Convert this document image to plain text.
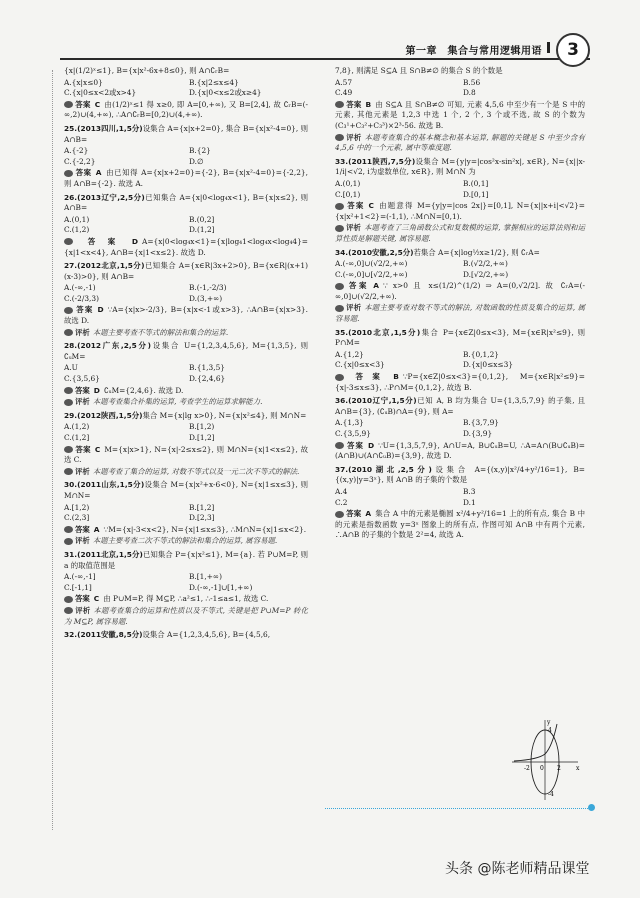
第一章　集合与常用逻辑用语	3
{x|(1/2)ˣ≤1}, B={x|x²-6x+8≤0}, 则 A∩∁ᵣB=
A.{x|x≤0}	B.{x|2≤x≤4}
C.{x|0≤x<2或x>4}	D.{x|0<x≤2或x≥4}
答案 C 由(1/2)ˣ≤1 得 x≥0, 即 A=[0,+∞), 又 B=[2,4], 故 ∁ᵣB=(-∞,2)∪(4,+∞), ∴A∩∁ᵣB=[0,2)∪(4,+∞).
25.(2013四川,1,5分)设集合 A={x|x+2=0}, 集合 B={x|x²-4=0}, 则 A∩B=
A.{-2}	B.{2}
C.{-2,2}	D.∅
答案 A 由已知得 A={x|x+2=0}={-2}, B={x|x²-4=0}={-2,2}, 则 A∩B={-2}. 故选 A.
26.(2013辽宁,2,5分)已知集合 A={x|0<log₄x<1}, B={x|x≤2}, 则 A∩B=
A.(0,1)	B.(0,2]
C.(1,2)	D.(1,2]
答案 D A={x|0<log₄x<1}={x|log₄1<log₄x<log₄4}={x|1<x<4}, A∩B={x|1<x≤2}. 故选 D.
27.(2012北京,1,5分)已知集合 A={x∈R|3x+2>0}, B={x∈R|(x+1)(x-3)>0}, 则 A∩B=
A.(-∞,-1)	B.(-1,-2/3)
C.(-2/3,3)	D.(3,+∞)
答案 D ∵A={x|x>-2/3}, B={x|x<-1或x>3}, ∴A∩B={x|x>3}. 故选 D.
评析 本题主要考查不等式的解法和集合的运算.
28.(2012广东,2,5分)设集合 U={1,2,3,4,5,6}, M={1,3,5}, 则 ∁ᵤM=
A.U	B.{1,3,5}
C.{3,5,6}	D.{2,4,6}
答案 D ∁ᵤM={2,4,6}. 故选 D.
评析 本题考查集合补集的运算, 考查学生的运算求解能力.
29.(2012陕西,1,5分)集合 M={x|lg x>0}, N={x|x²≤4}, 则 M∩N=
A.(1,2)	B.[1,2)
C.(1,2]	D.[1,2]
答案 C M={x|x>1}, N={x|-2≤x≤2}, 则 M∩N={x|1<x≤2}, 故选 C.
评析 本题考查了集合的运算, 对数不等式以及一元二次不等式的解法.
30.(2011山东,1,5分)设集合 M={x|x²+x-6<0}, N={x|1≤x≤3}, 则 M∩N=
A.[1,2)	B.[1,2]
C.(2,3]	D.[2,3]
答案 A ∵M={x|-3<x<2}, N={x|1≤x≤3}, ∴M∩N={x|1≤x<2}.
评析 本题主要考查二次不等式的解法和集合的运算, 属容易题.
31.(2011北京,1,5分)已知集合 P={x|x²≤1}, M={a}. 若 P∪M=P, 则 a 的取值范围是
A.(-∞,-1]	B.[1,+∞)
C.[-1,1]	D.(-∞,-1]∪[1,+∞)
答案 C 由 P∪M=P, 得 M⊆P, ∴a²≤1, ∴-1≤a≤1, 故选 C.
评析 本题考查集合的运算和性质以及不等式, 关键是把 P∪M=P 转化为 M⊆P, 属容易题.
32.(2011安徽,8,5分)设集合 A={1,2,3,4,5,6}, B={4,5,6,
7,8}, 则满足 S⊆A 且 S∩B≠∅ 的集合 S 的个数是
A.57	B.56
C.49	D.8
答案 B 由 S⊆A 且 S∩B≠∅ 可知, 元素 4,5,6 中至少有一个是 S 中的元素, 其他元素是 1,2,3 中选 1 个, 2 个, 3 个或不选, 故 S 的个数为 (C₃¹+C₃²+C₃³)×2³-56. 故选 B.
评析 本题考查集合的基本概念和基本运算, 解题的关键是 S 中至少含有 4,5,6 中的一个元素, 属中等难度题.
33.(2011陕西,7,5分)设集合 M={y|y=|cos²x-sin²x|, x∈R}, N={x||x-1/i|<√2, i为虚数单位, x∈R}, 则 M∩N 为
A.(0,1)	B.(0,1]
C.[0,1)	D.[0,1]
答案 C 由题意得 M={y|y=|cos 2x|}=[0,1], N={x||x+i|<√2}={x|x²+1<2}=(-1,1), ∴M∩N=[0,1).
评析 本题考查了三角函数公式和复数模的运算, 掌握相应的运算法则和运算性质是解题关键, 属容易题.
34.(2010安徽,2,5分)若集合 A={x|log½x≥1/2}, 则 ∁ᵣA=
A.(-∞,0]∪(√2/2,+∞)	B.(√2/2,+∞)
C.(-∞,0]∪[√2/2,+∞)	D.[√2/2,+∞)
答案 A ∵ x>0 且 x≤(1/2)^(1/2) ⇒ A=(0,√2/2]. 故 ∁ᵣA=(-∞,0]∪(√2/2,+∞).
评析 本题主要考查对数不等式的解法, 对数函数的性质及集合的运算, 属容易题.
35.(2010北京,1,5分)集合 P={x∈Z|0≤x<3}, M={x∈R|x²≤9}, 则 P∩M=
A.{1,2}	B.{0,1,2}
C.{x|0≤x<3}	D.{x|0≤x≤3}
答案 B ∵P={x∈Z|0≤x<3}={0,1,2}, M={x∈R|x²≤9}={x|-3≤x≤3}, ∴P∩M={0,1,2}, 故选 B.
36.(2010辽宁,1,5分)已知 A, B 均为集合 U={1,3,5,7,9} 的子集, 且 A∩B={3}, (∁ᵤB)∩A={9}, 则 A=
A.{1,3}	B.{3,7,9}
C.{3,5,9}	D.{3,9}
答案 D ∵U={1,3,5,7,9}, A∩U=A, B∪∁ᵤB=U, ∴A=A∩(B∪∁ᵤB)=(A∩B)∪(A∩∁ᵤB)={3,9}, 故选 D.
37.(2010湖北,2,5分)设集合 A={(x,y)|x²/4+y²/16=1}, B={(x,y)|y=3ˣ}, 则 A∩B 的子集的个数是
A.4	B.3
C.2	D.1
答案 A 集合 A 中的元素是椭圆 x²/4+y²/16=1 上的所有点, 集合 B 中的元素是指数函数 y=3ˣ 图象上的所有点, 作图可知 A∩B 中有两个元素, ∴A∩B 的子集的个数是 2²=4, 故选 A.
x
y
-2 0 2
4
-4
头条 @陈老师精品课堂
